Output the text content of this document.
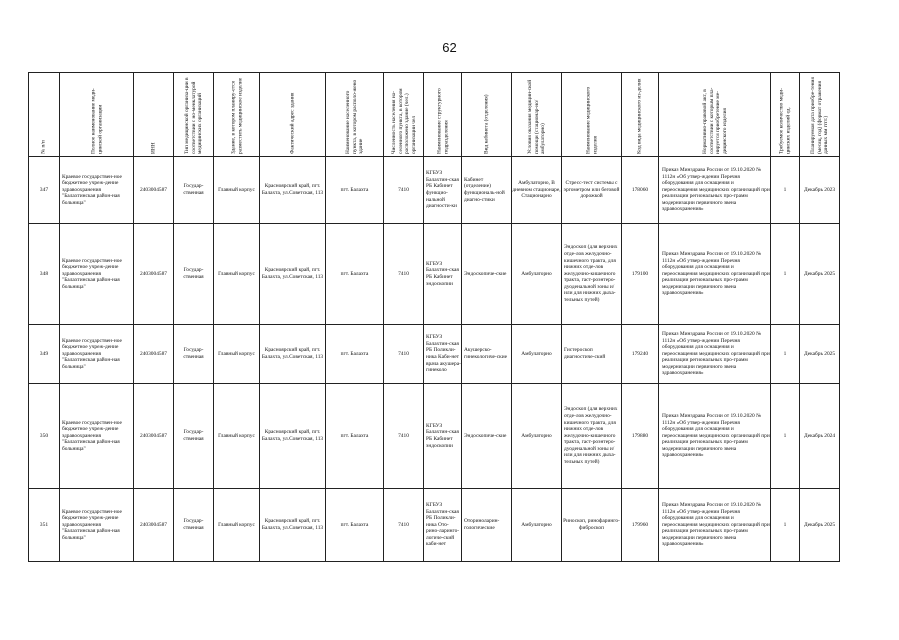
62
№ п/п	Полное наименование меди-цинской организации	ИНН	Тип медицинской организа-ции в соответствии с но-менклатурой медицинских организаций	Здание, в котором планиру-ется разместить медицинское изделие	Фактический адрес здания	Наименование населенного пункта, в котором располо-жено здание	Численность населения на-селенного пункта, в котором расположено здание (чел.) организации чел	Наименование структурного подразделения	Вид кабинета (отделения)	Условия оказания медицин-ской помощи (стационар-но/амбулаторно)	Наименование медицинского изделия	Код вида медицинского из-делия	Нормативно-правовой акт, в соответствии с которым пла-нируется приобретение ме-дицинского изделия	Требуемое количество меди-цинских изделий ед.	Планируемая дата приобре-тения (месяц, год) (формат отражения данных мм гггг.)

347	Краевое государствен-ное бюджетное учреж-дение здравоохранения "Балахтинская район-ная больница"	2403004587	Государ-ственная	Главный корпус	Красноярский край, пгт. Балахта, ул.Советская, 113	пгт. Балахта	7410	КГБУЗ Балахтин-ская РБ Кабинет функцио-нальной диагности-ки	Кабинет (отделение) функциональ-ной диагно-стики	Амбулаторно, В дневном стационаре, Стационарно	Стресс-тест системы с эргометром или беговой дорожкой	178060	Приказ Минздрава России от 19.10.2020 № 1112н «Об утвер-ждении Перечня оборудования для оснащения и переоснащения медицинских организаций при реализации региональных про-грамм модернизации первичного звена здравоохранения»	1	Декабрь 2023
348	Краевое государствен-ное бюджетное учреж-дение здравоохранения "Балахтинская район-ная больница"	2403004587	Государ-ственная	Главный корпус	Красноярский край, пгт. Балахта, ул.Советская, 113	пгт. Балахта	7410	КГБУЗ Балахтин-ская РБ Кабинет эндоскопии	Эндоскопиче-ские	Амбулаторно	Эндоскоп (для верхних отде-лов желудочно-кишечного тракта, для нижних отде-лов желудочно-кишечного тракта, гаст-роэнтеро-дуоденальной зоны и/или для нижних дыха-тельных путей)	179100	Приказ Минздрава России от 19.10.2020 № 1112н «Об утвер-ждении Перечня оборудования для оснащения и переоснащения медицинских организаций при реализации региональных про-грамм модернизации первичного звена здравоохранения»	1	Декабрь 2025
349	Краевое государствен-ное бюджетное учреж-дение здравоохранения "Балахтинская район-ная больница"	2403004587	Государ-ственная	Главный корпус	Красноярский край, пгт. Балахта, ул.Советская, 113	пгт. Балахта	7410	КГБУЗ Балахтин-ская РБ Поликли-ника Каби-нет врача акушера-гинеколо	Акушерско-гинекологиче-ские	Амбулаторно	Гистероскоп диагностиче-ский	179240	Приказ Минздрава России от 19.10.2020 № 1112н «Об утвер-ждении Перечня оборудования для оснащения и переоснащения медицинских организаций при реализации региональных про-грамм модернизации первичного звена здравоохранения»	1	Декабрь 2025
350	Краевое государствен-ное бюджетное учреж-дение здравоохранения "Балахтинская район-ная больница"	2403004587	Государ-ственная	Главный корпус	Красноярский край, пгт. Балахта, ул.Советская, 113	пгт. Балахта	7410	КГБУЗ Балахтин-ская РБ Кабинет эндоскопии	Эндоскопиче-ские	Амбулаторно	Эндоскоп (для верхних отде-лов желудочно-кишечного тракта, для нижних отде-лов желудочно-кишечного тракта, гаст-роэнтеро-дуоденальной зоны и/или для нижних дыха-тельных путей)	179880	Приказ Минздрава России от 19.10.2020 № 1112н «Об утвер-ждении Перечня оборудования для оснащения и переоснащения медицинских организаций при реализации региональных про-грамм модернизации первичного звена здравоохранения»	1	Декабрь 2024
351	Краевое государствен-ное бюджетное учреж-дение здравоохранения "Балахтинская район-ная больница"	2403004587	Государ-ственная	Главный корпус	Красноярский край, пгт. Балахта, ул.Советская, 113	пгт. Балахта	7410	КГБУЗ Балахтин-ская РБ Поликли-ника Ото-рино-ларинго-логиче-ский каби-нет	Оториноларин-гологические	Амбулаторно	Риноскоп, ринофаринго-фиброскоп	179960	Приказ Минздрава России от 19.10.2020 № 1112н «Об утвер-ждении Перечня оборудования для оснащения и переоснащения медицинских организаций при реализации региональных про-грамм модернизации первичного звена здравоохранения»	1	Декабрь 2025
